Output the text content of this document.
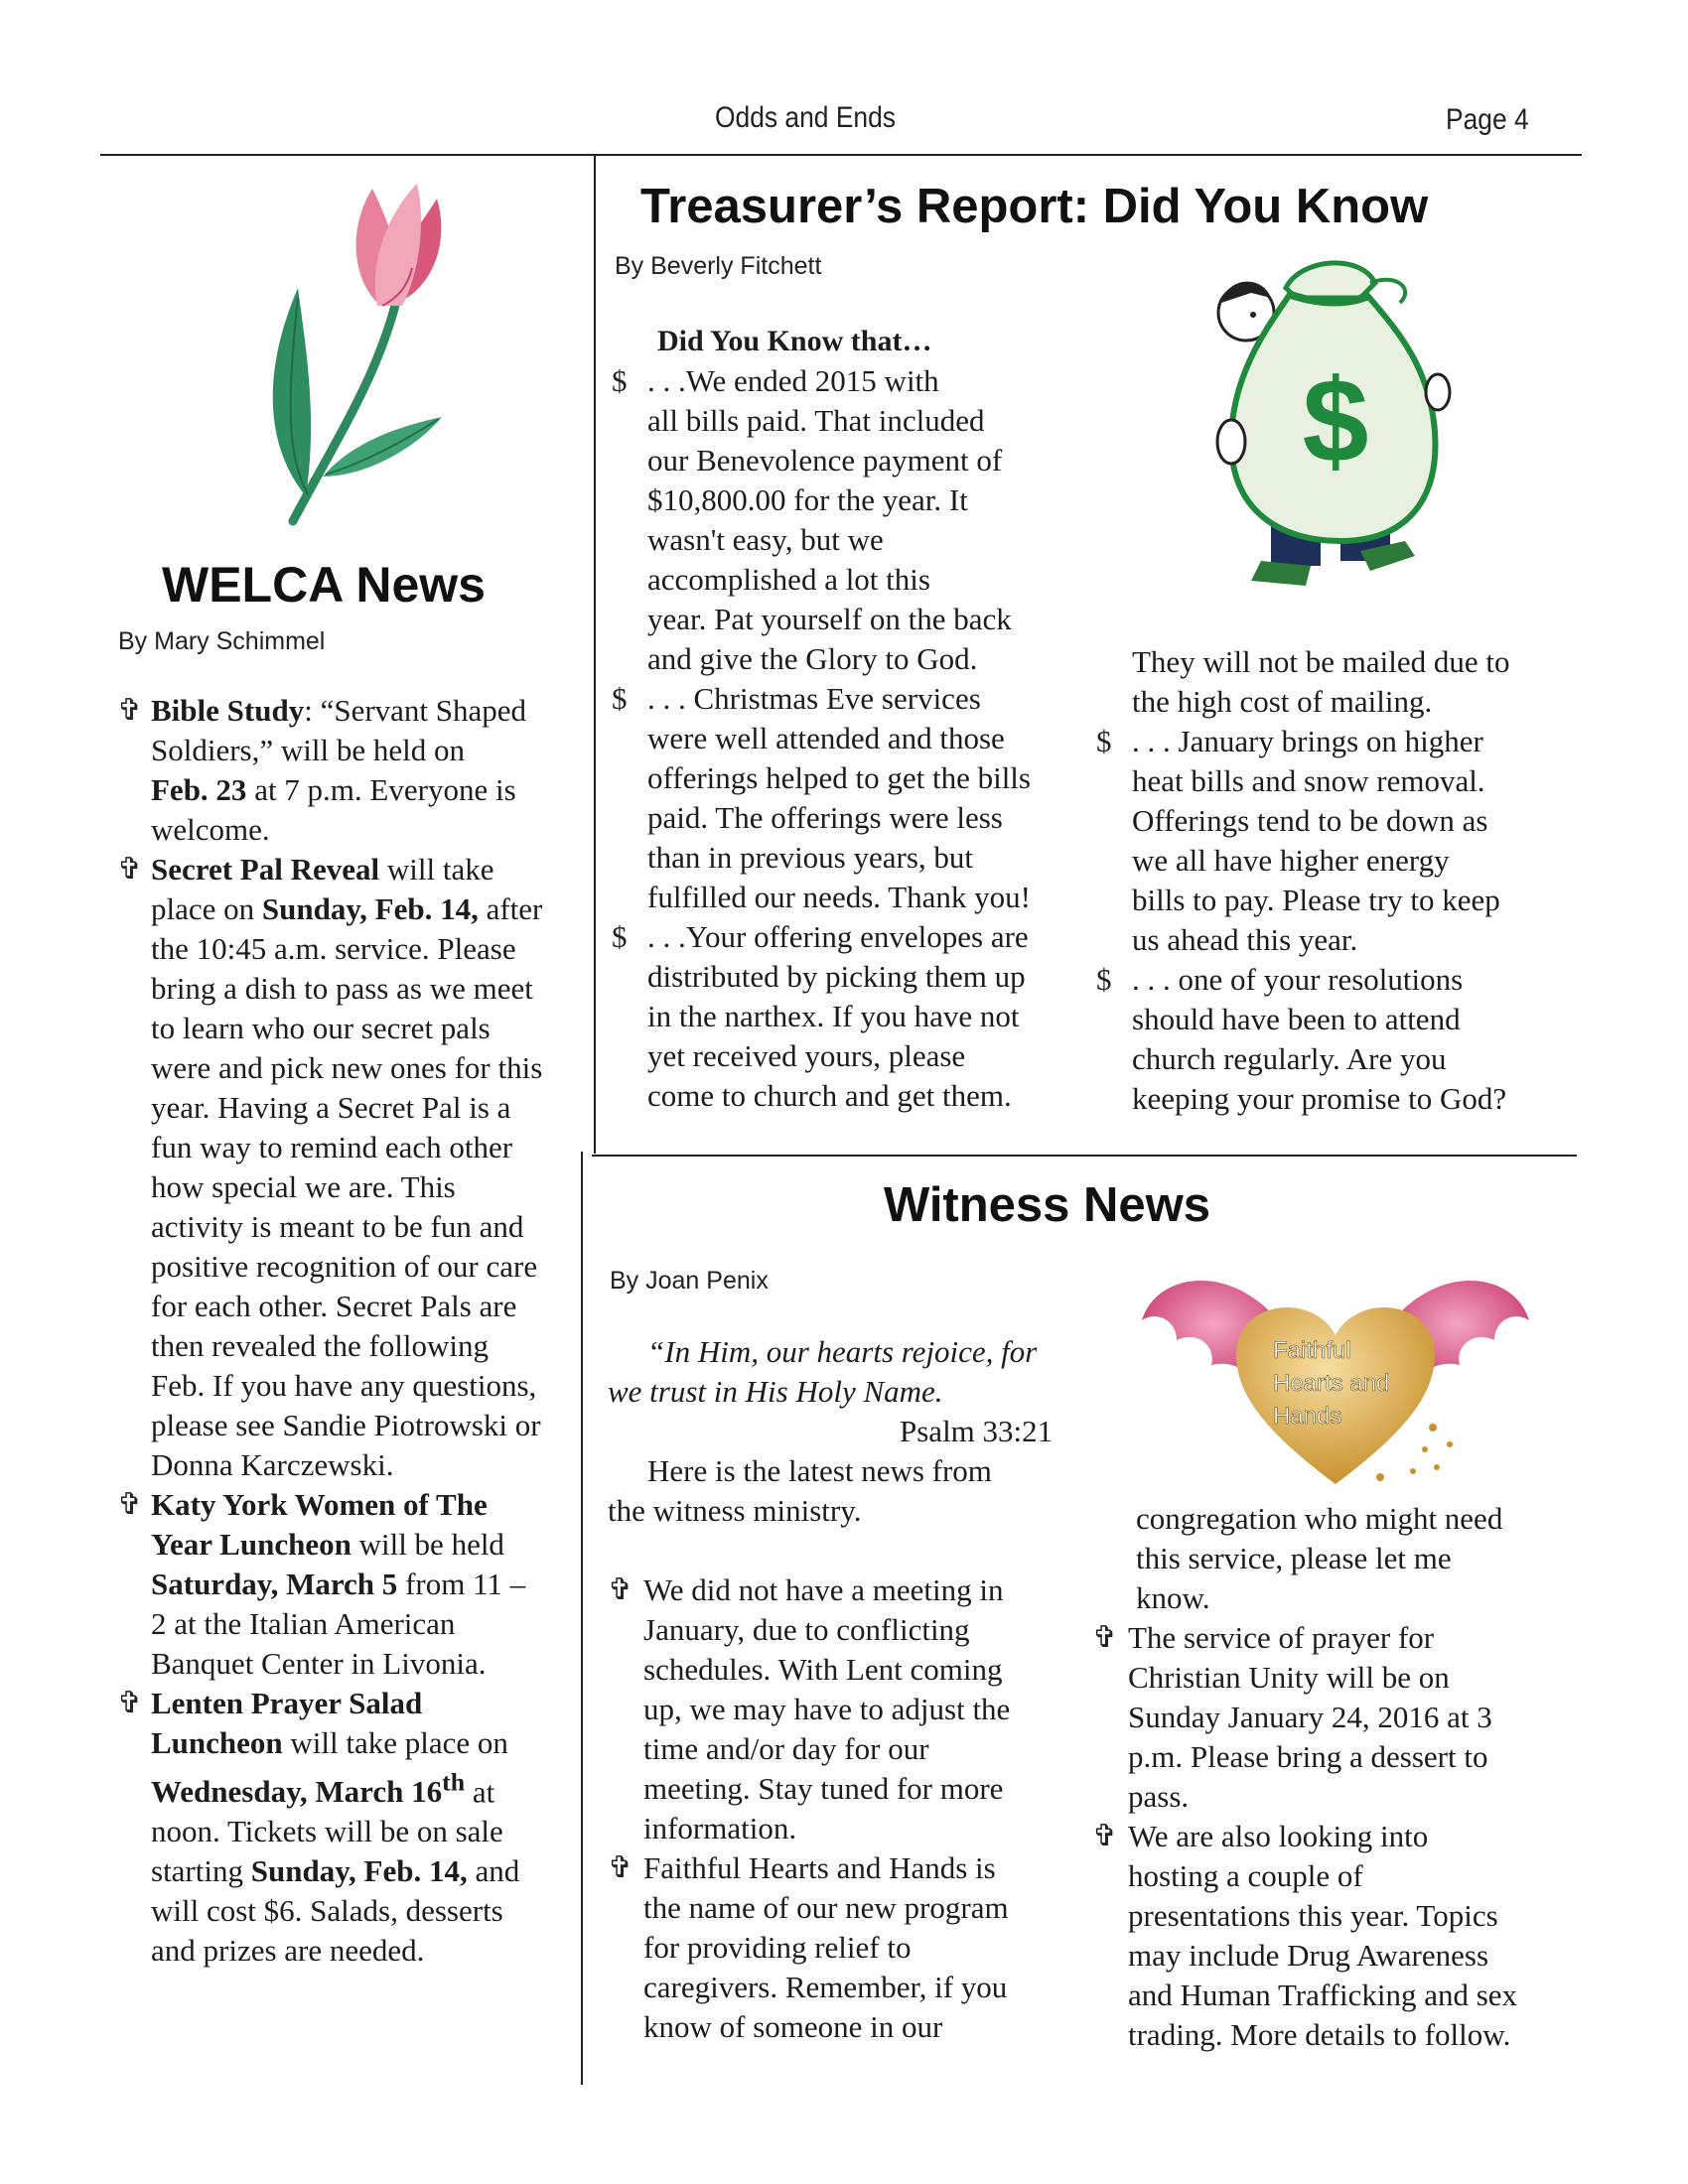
Odds and Ends	Page 4
WELCA News
By Mary Schimmel
✞ Bible Study: “Servant Shaped
Soldiers,” will be held on
Feb. 23 at 7 p.m. Everyone is
welcome.
✞ Secret Pal Reveal will take
place on Sunday, Feb. 14, after
the 10:45 a.m. service. Please
bring a dish to pass as we meet
to learn who our secret pals
were and pick new ones for this
year. Having a Secret Pal is a
fun way to remind each other
how special we are. This
activity is meant to be fun and
positive recognition of our care
for each other. Secret Pals are
then revealed the following
Feb. If you have any questions,
please see Sandie Piotrowski or
Donna Karczewski.
✞ Katy York Women of The
Year Luncheon will be held
Saturday, March 5 from 11 –
2 at the Italian American
Banquet Center in Livonia.
✞ Lenten Prayer Salad
Luncheon will take place on
Wednesday, March 16th at
noon. Tickets will be on sale
starting Sunday, Feb. 14, and
will cost $6. Salads, desserts
and prizes are needed.
Treasurer’s Report: Did You Know
By Beverly Fitchett
Did You Know that…
$ . . .We ended 2015 with
all bills paid. That included
our Benevolence payment of
$10,800.00 for the year. It
wasn't easy, but we
accomplished a lot this
year. Pat yourself on the back
and give the Glory to God.
$ . . . Christmas Eve services
were well attended and those
offerings helped to get the bills
paid. The offerings were less
than in previous years, but
fulfilled our needs. Thank you!
$ . . .Your offering envelopes are
distributed by picking them up
in the narthex. If you have not
yet received yours, please
come to church and get them.
$
They will not be mailed due to
the high cost of mailing.
$ . . . January brings on higher
heat bills and snow removal.
Offerings tend to be down as
we all have higher energy
bills to pay. Please try to keep
us ahead this year.
$ . . . one of your resolutions
should have been to attend
church regularly. Are you
keeping your promise to God?
Witness News
By Joan Penix
“In Him, our hearts rejoice, for
we trust in His Holy Name.
Psalm 33:21
Here is the latest news from
the witness ministry.
✞ We did not have a meeting in
January, due to conflicting
schedules. With Lent coming
up, we may have to adjust the
time and/or day for our
meeting. Stay tuned for more
information.
✞ Faithful Hearts and Hands is
the name of our new program
for providing relief to
caregivers. Remember, if you
know of someone in our
Faithful
Hearts and
Hands
congregation who might need
this service, please let me
know.
✞ The service of prayer for
Christian Unity will be on
Sunday January 24, 2016 at 3
p.m. Please bring a dessert to
pass.
✞ We are also looking into
hosting a couple of
presentations this year. Topics
may include Drug Awareness
and Human Trafficking and sex
trading. More details to follow.
